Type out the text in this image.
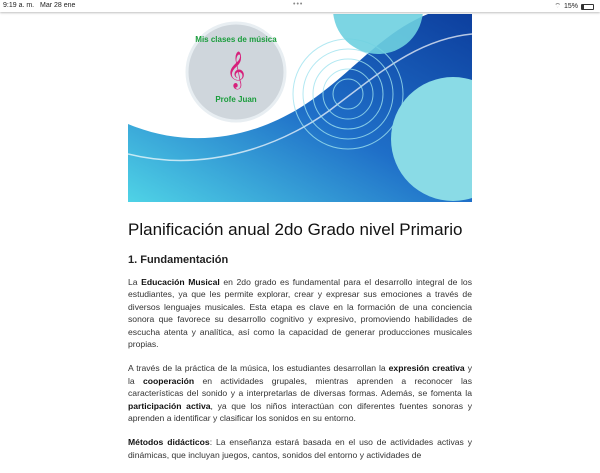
9:19 a. m. Mar 28 ene	•••	⌔ 15%
Mis clases de música
𝄞
Profe Juan
Planificación anual 2do Grado nivel Primario
1. Fundamentación

La Educación Musical en 2do grado es fundamental para el desarrollo integral de los estudiantes, ya que les permite explorar, crear y expresar sus emociones a través de diversos lenguajes musicales. Esta etapa es clave en la formación de una conciencia sonora que favorece su desarrollo cognitivo y expresivo, promoviendo habilidades de escucha atenta y analítica, así como la capacidad de generar producciones musicales propias.

A través de la práctica de la música, los estudiantes desarrollan la expresión creativa y la cooperación en actividades grupales, mientras aprenden a reconocer las características del sonido y a interpretarlas de diversas formas. Además, se fomenta la participación activa, ya que los niños interactúan con diferentes fuentes sonoras y aprenden a identificar y clasificar los sonidos en su entorno.

Métodos didácticos: La enseñanza estará basada en el uso de actividades activas y dinámicas, que incluyan juegos, cantos, sonidos del entorno y actividades de
